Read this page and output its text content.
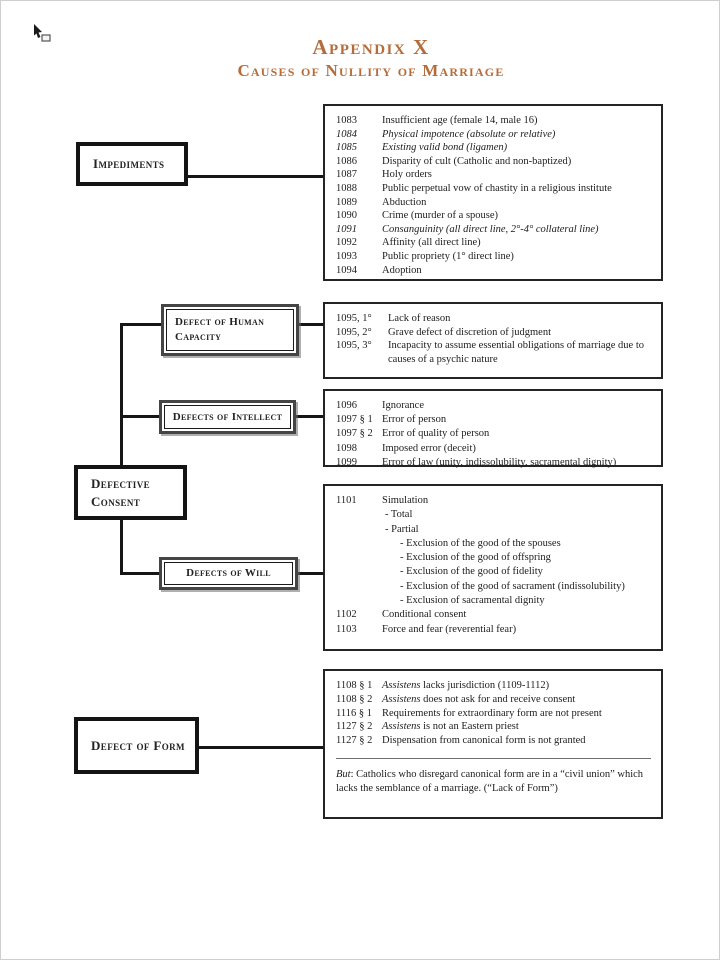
Appendix X
Causes of Nullity of Marriage
Impediments
Defective Consent
Defect of Form
Defect of Human Capacity
Defects of Intellect
Defects of Will
1083	Insufficient age (female 14, male 16)
1084	Physical impotence (absolute or relative)
1085	Existing valid bond (ligamen)
1086	Disparity of cult (Catholic and non-baptized)
1087	Holy orders
1088	Public perpetual vow of chastity in a religious institute
1089	Abduction
1090	Crime (murder of a spouse)
1091	Consanguinity (all direct line, 2°-4° collateral line)
1092	Affinity (all direct line)
1093	Public propriety (1° direct line)
1094	Adoption
1095, 1°	Lack of reason
1095, 2°	Grave defect of discretion of judgment
1095, 3°	Incapacity to assume essential obligations of marriage due to causes of a psychic nature
1096	Ignorance
1097 § 1 Error of person
1097 § 2 Error of quality of person
1098	Imposed error (deceit)
1099	Error of law (unity, indissolubility, sacramental dignity)
1101	Simulation
- Total
- Partial
- Exclusion of the good of the spouses
- Exclusion of the good of offspring
- Exclusion of the good of fidelity
- Exclusion of the good of sacrament (indissolubility)
- Exclusion of sacramental dignity
1102	Conditional consent
1103	Force and fear (reverential fear)
1108 § 1 Assistens lacks jurisdiction (1109-1112)
1108 § 2 Assistens does not ask for and receive consent
1116 § 1 Requirements for extraordinary form are not present
1127 § 2 Assistens is not an Eastern priest
1127 § 2 Dispensation from canonical form is not granted
But: Catholics who disregard canonical form are in a “civil union” which lacks the semblance of a marriage. (“Lack of Form”)
